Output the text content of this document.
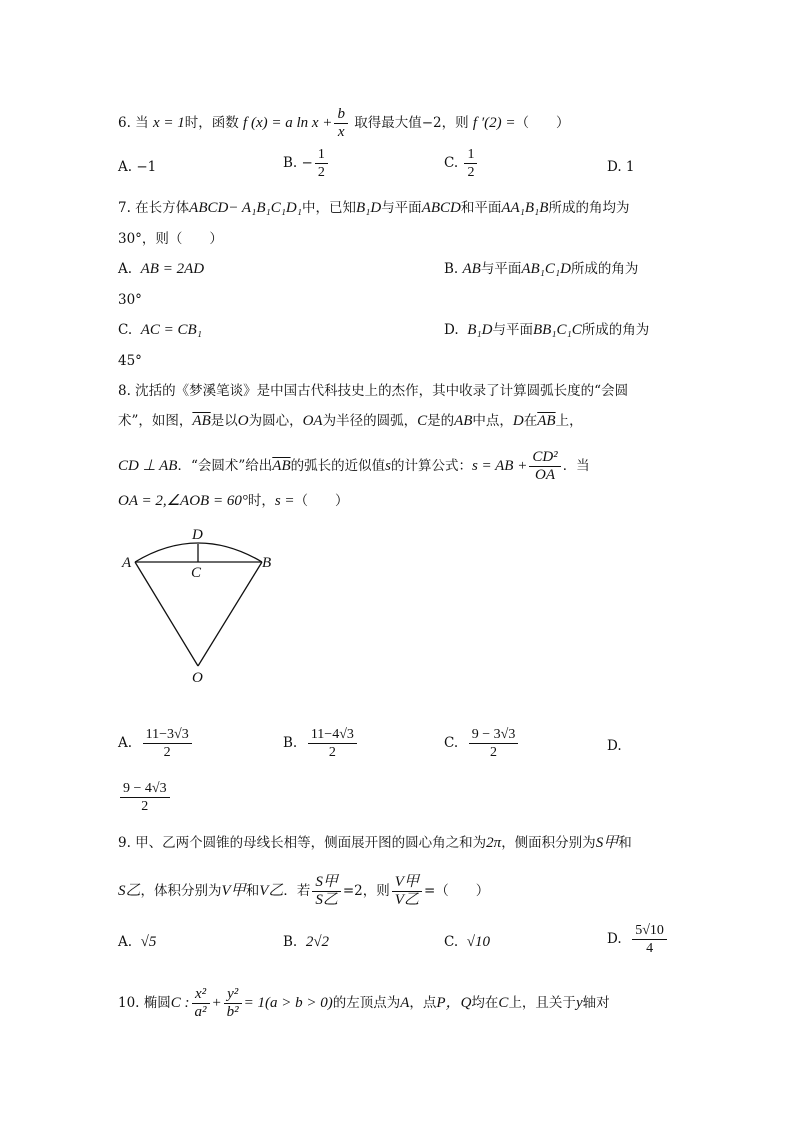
6. 当 x = 1时，函数 f (x) = a $\ln x + \frac{b}{x}$ 取得最大值−2，则 f ′(2) =（　　）
A. −1	B. − $\frac{1}{2}$	C. $\frac{1}{2}$	D. 1
7. 在长方体ABCD− A₁B₁C₁D₁中，已知B₁D与平面ABCD和平面AA₁B₁B所成的角均为
30°，则（　　）
A. AB = 2AD	B. AB与平面AB₁C₁D所成的角为
30°
C. AC = CB₁	D. B₁D与平面BB₁C₁C所成的角为
45°
8. 沈括的《梦溪笔谈》是中国古代科技史上的杰作，其中收录了计算圆弧长度的“会圆
术”，如图，$\overline{AB}$是以O为圆心，OA为半径的圆弧，C是的AB中点，D在$\overline{AB}$上，
CD ⊥ AB．“会圆术”给出$\overline{AB}$的弧长的近似值s的计算公式：s = AB + $\frac{\text{CD²}}{OA}$ ．当
OA = 2,∠AOB = 60°时，s =（　　）
A	B
C
D
O
A. $\frac{11-3√3}{2}$	B. $\frac{11-4√3}{2}$	C. $\frac{9 - 3√3}{2}$	D.
$\frac{9 - 4√3}{2}$
9. 甲、乙两个圆锥的母线长相等，侧面展开图的圆心角之和为2π，侧面积分别为S甲和
S乙，体积分别为V甲和V乙．若 $\frac{\text{S甲}}{\text{S乙}} =2$，则 $\frac{\text{V甲}}{\text{V乙}}$ =（　　）
A. √5	B. 2√2	C. √10	D. $\frac{5√10}{4}$
10. 椭圆C : $\frac{\text{x²}}{\text{a²}} + \frac{\text{y²}}{\text{b²}} = 1(a > b > 0)$的左顶点为A，点P，Q均在C上，且关于y轴对
